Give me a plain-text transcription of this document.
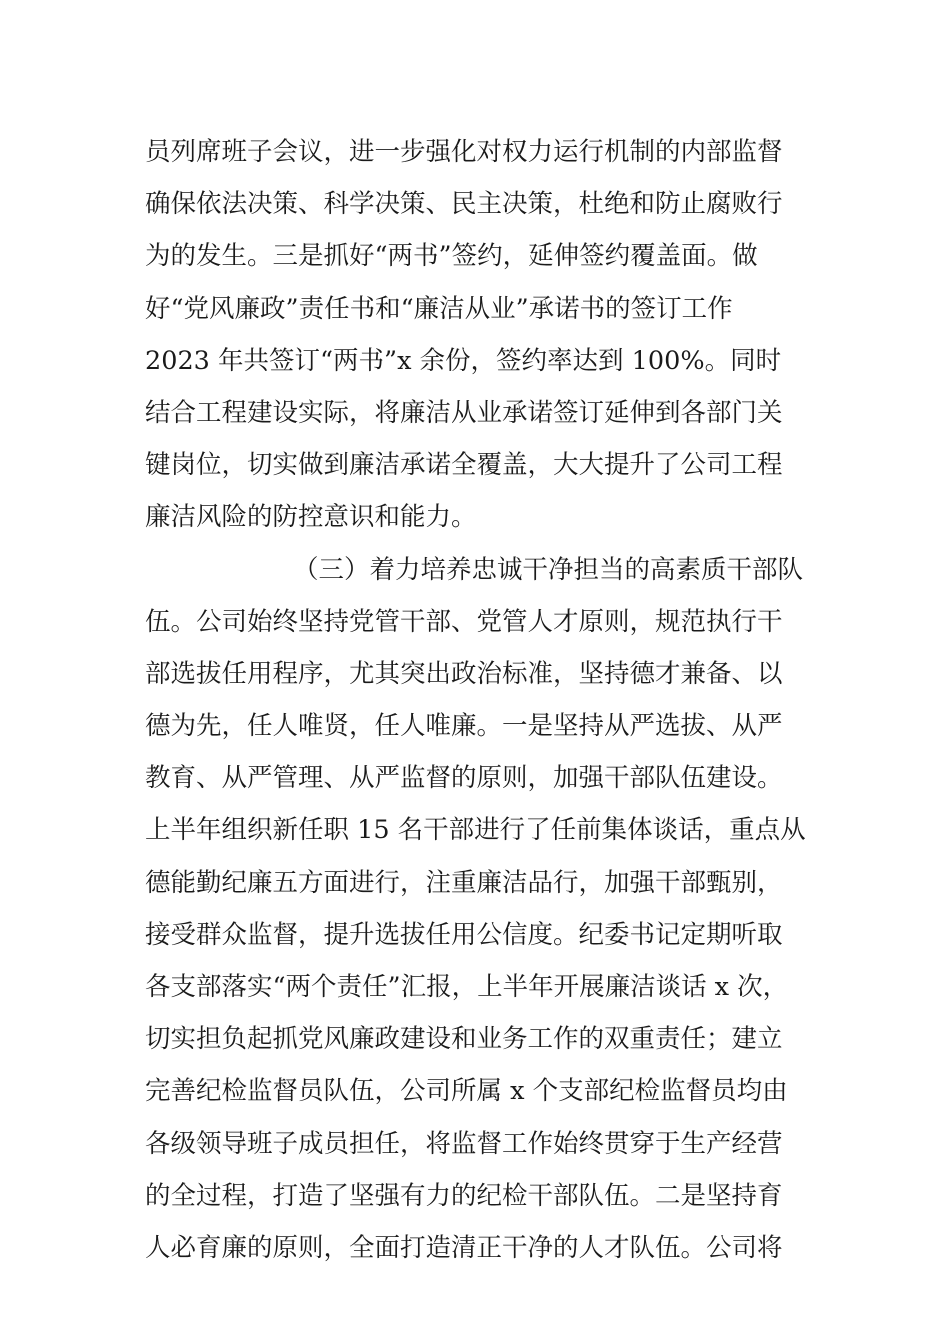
员列席班子会议，进一步强化对权力运行机制的内部监督
确保依法决策、科学决策、民主决策，杜绝和防止腐败行
为的发生。三是抓好“两书”签约，延伸签约覆盖面。做
好“党风廉政”责任书和“廉洁从业”承诺书的签订工作
2023 年共签订“两书”x 余份，签约率达到 100%。同时
结合工程建设实际，将廉洁从业承诺签订延伸到各部门关
键岗位，切实做到廉洁承诺全覆盖，大大提升了公司工程
廉洁风险的防控意识和能力。
（三）着力培养忠诚干净担当的高素质干部队
伍。公司始终坚持党管干部、党管人才原则，规范执行干
部选拔任用程序，尤其突出政治标准，坚持德才兼备、以
德为先，任人唯贤，任人唯廉。一是坚持从严选拔、从严
教育、从严管理、从严监督的原则，加强干部队伍建设。
上半年组织新任职 15 名干部进行了任前集体谈话，重点从
德能勤纪廉五方面进行，注重廉洁品行，加强干部甄别，
接受群众监督，提升选拔任用公信度。纪委书记定期听取
各支部落实“两个责任”汇报，上半年开展廉洁谈话 x 次，
切实担负起抓党风廉政建设和业务工作的双重责任；建立
完善纪检监督员队伍，公司所属 x 个支部纪检监督员均由
各级领导班子成员担任，将监督工作始终贯穿于生产经营
的全过程，打造了坚强有力的纪检干部队伍。二是坚持育
人必育廉的原则，全面打造清正干净的人才队伍。公司将
